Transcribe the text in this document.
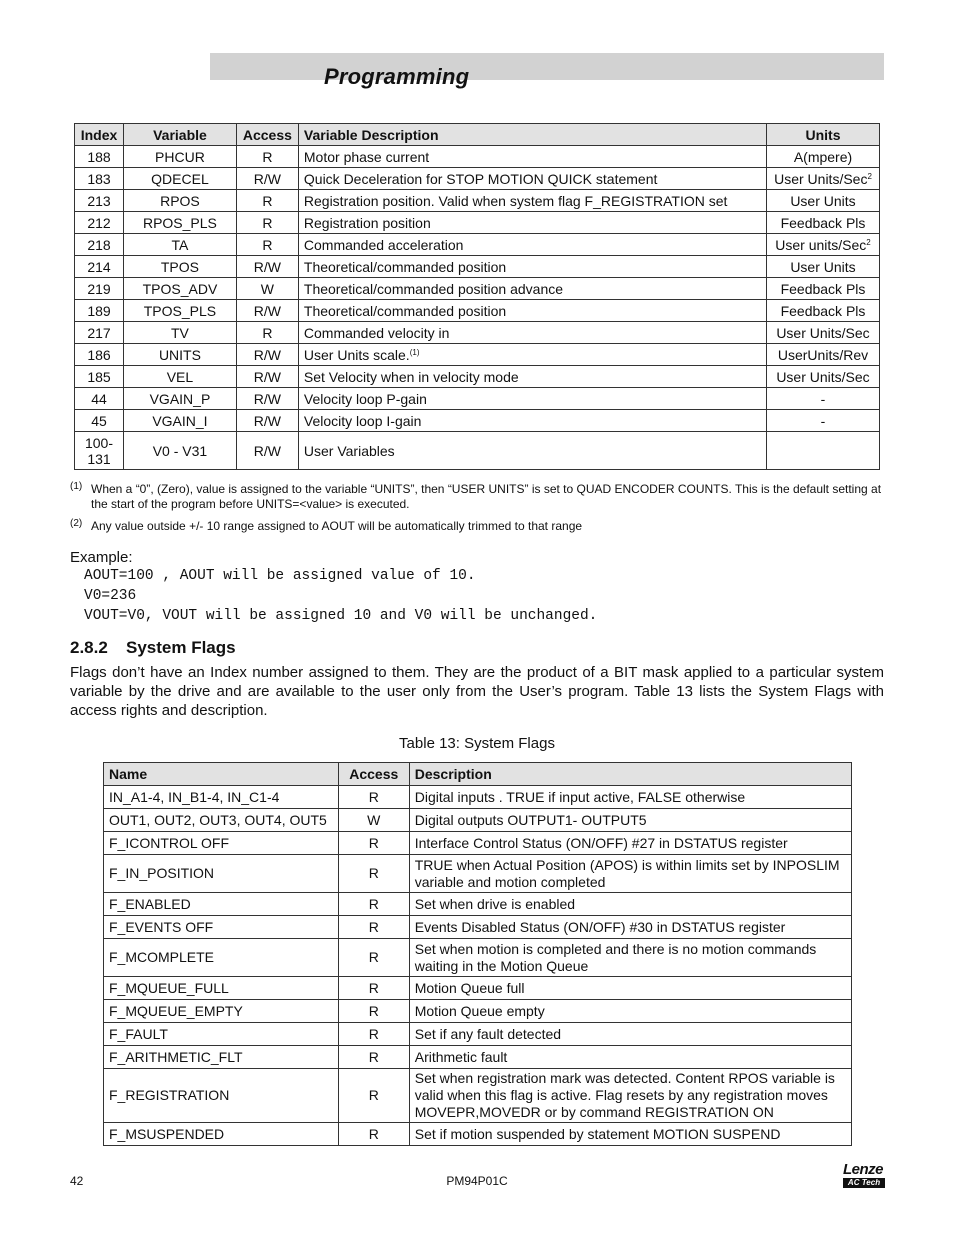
Programming
Index	Variable	Access	Variable Description	Units
188	PHCUR	R	Motor phase current	A(mpere)
183	QDECEL	R/W	Quick Deceleration for STOP MOTION QUICK statement	User Units/Sec$^2$
213	RPOS	R	Registration position. Valid when system flag F_REGISTRATION set	User Units
212	RPOS_PLS	R	Registration position	Feedback Pls
218	TA	R	Commanded acceleration	User units/Sec$^2$
214	TPOS	R/W	Theoretical/commanded position	User Units
219	TPOS_ADV	W	Theoretical/commanded position advance	Feedback Pls
189	TPOS_PLS	R/W	Theoretical/commanded position	Feedback Pls
217	TV	R	Commanded velocity in	User Units/Sec
186	UNITS	R/W	User Units scale.$^{(1)}$	UserUnits/Rev
185	VEL	R/W	Set Velocity when in velocity mode	User Units/Sec
44	VGAIN_P	R/W	Velocity loop P-gain	-
45	VGAIN_I	R/W	Velocity loop I-gain	-
100-
131	V0 - V31	R/W	User Variables	
(1) When a “0”, (Zero), value is assigned to the variable “UNITS”, then “USER UNITS” is set to QUAD ENCODER COUNTS. This is the default setting at the start of the program before UNITS=<value> is executed.
(2) Any value outside +/- 10 range assigned to AOUT will be automatically trimmed to that range
Example:
AOUT=100 , AOUT will be assigned value of 10.
V0=236
VOUT=V0, VOUT will be assigned 10 and V0 will be unchanged.
2.8.2 System Flags
Flags don’t have an Index number assigned to them. They are the product of a BIT mask applied to a particular system variable by the drive and are available to the user only from the User’s program. Table 13 lists the System Flags with access rights and description.
Table 13: System Flags
Name	Access	Description
IN_A1-4, IN_B1-4, IN_C1-4	R	Digital inputs . TRUE if input active, FALSE otherwise
OUT1, OUT2, OUT3, OUT4, OUT5	W	Digital outputs OUTPUT1- OUTPUT5
F_ICONTROL OFF	R	Interface Control Status (ON/OFF) #27 in DSTATUS register
F_IN_POSITION	R	TRUE when Actual Position (APOS) is within limits set by INPOSLIM variable and motion completed
F_ENABLED	R	Set when drive is enabled
F_EVENTS OFF	R	Events Disabled Status (ON/OFF) #30 in DSTATUS register
F_MCOMPLETE	R	Set when motion is completed and there is no motion commands waiting in the Motion Queue
F_MQUEUE_FULL	R	Motion Queue full
F_MQUEUE_EMPTY	R	Motion Queue empty
F_FAULT	R	Set if any fault detected
F_ARITHMETIC_FLT	R	Arithmetic fault
F_REGISTRATION	R	Set when registration mark was detected. Content RPOS variable is valid when this flag is active. Flag resets by any registration moves MOVEPR,MOVEDR or by command REGISTRATION ON
F_MSUSPENDED	R	Set if motion suspended by statement MOTION SUSPEND
42	PM94P01C
Lenze
AC Tech
